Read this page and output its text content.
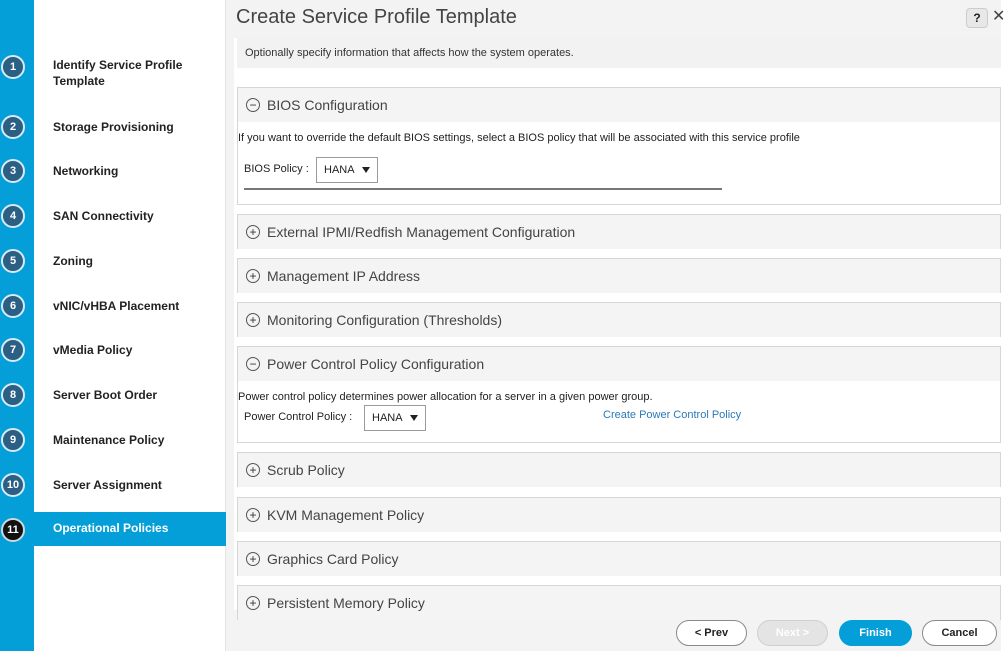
1	Identify Service Profile Template
2	Storage Provisioning
3	Networking
4	SAN Connectivity
5	Zoning
6	vNIC/vHBA Placement
7	vMedia Policy
8	Server Boot Order
9	Maintenance Policy
10	Server Assignment
11	Operational Policies
Create Service Profile Template	? ✕
Optionally specify information that affects how the system operates.
− BIOS Configuration
If you want to override the default BIOS settings, select a BIOS policy that will be associated with this service profile
BIOS Policy : HANA
+ External IPMI/Redfish Management Configuration
+ Management IP Address
+ Monitoring Configuration (Thresholds)
− Power Control Policy Configuration
Power control policy determines power allocation for a server in a given power group.
Power Control Policy : HANA	Create Power Control Policy
+ Scrub Policy
+ KVM Management Policy
+ Graphics Card Policy
+ Persistent Memory Policy
< Prev	Next >	Finish	Cancel
